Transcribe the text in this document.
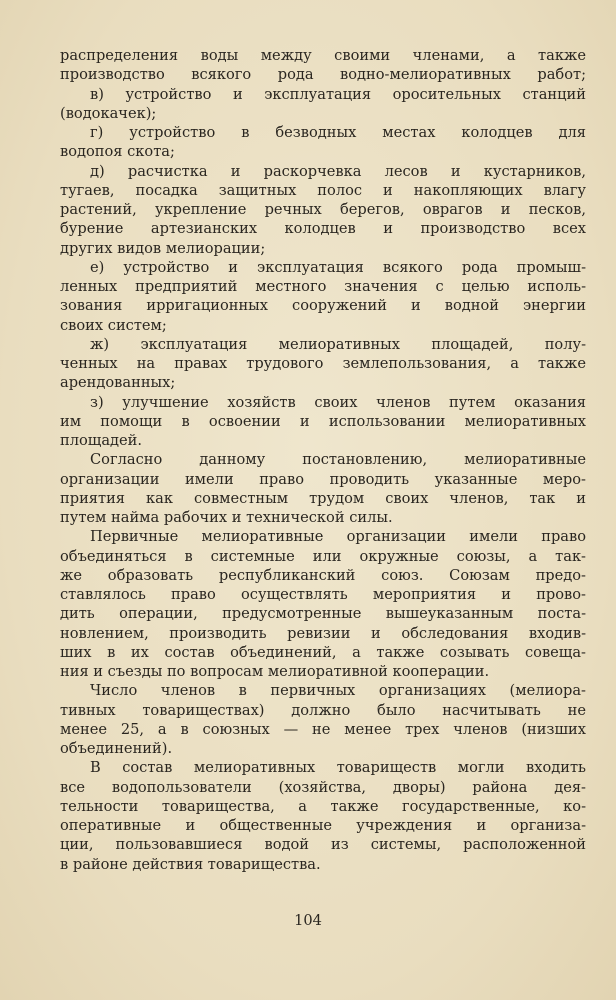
распределения воды между своими членами, а также
производство всякого рода водно-мелиоративных работ;
в) устройство и эксплуатация оросительных станций
(водокачек);
г) устройство в безводных местах колодцев для
водопоя скота;
д) расчистка и раскорчевка лесов и кустарников,
тугаев, посадка защитных полос и накопляющих влагу
растений, укрепление речных берегов, оврагов и песков,
бурение артезианских колодцев и производство всех
других видов мелиорации;
е) устройство и эксплуатация всякого рода промыш-
ленных предприятий местного значения с целью исполь-
зования ирригационных сооружений и водной энергии
своих систем;
ж) эксплуатация мелиоративных площадей, полу-
ченных на правах трудового землепользования, а также
арендованных;
з) улучшение хозяйств своих членов путем оказания
им помощи в освоении и использовании мелиоративных
площадей.
Согласно данному постановлению, мелиоративные
организации имели право проводить указанные меро-
приятия как совместным трудом своих членов, так и
путем найма рабочих и технической силы.
Первичные мелиоративные организации имели право
объединяться в системные или окружные союзы, а так-
же образовать республиканский союз. Союзам предо-
ставлялось право осуществлять мероприятия и прово-
дить операции, предусмотренные вышеуказанным поста-
новлением, производить ревизии и обследования входив-
ших в их состав объединений, а также созывать совеща-
ния и съезды по вопросам мелиоративной кооперации.
Число членов в первичных организациях (мелиора-
тивных товариществах) должно было насчитывать не
менее 25, а в союзных — не менее трех членов (низших
объединений).
В состав мелиоративных товариществ могли входить
все водопользователи (хозяйства, дворы) района дея-
тельности товарищества, а также государственные, ко-
оперативные и общественные учреждения и организа-
ции, пользовавшиеся водой из системы, расположенной
в районе действия товарищества.
104
